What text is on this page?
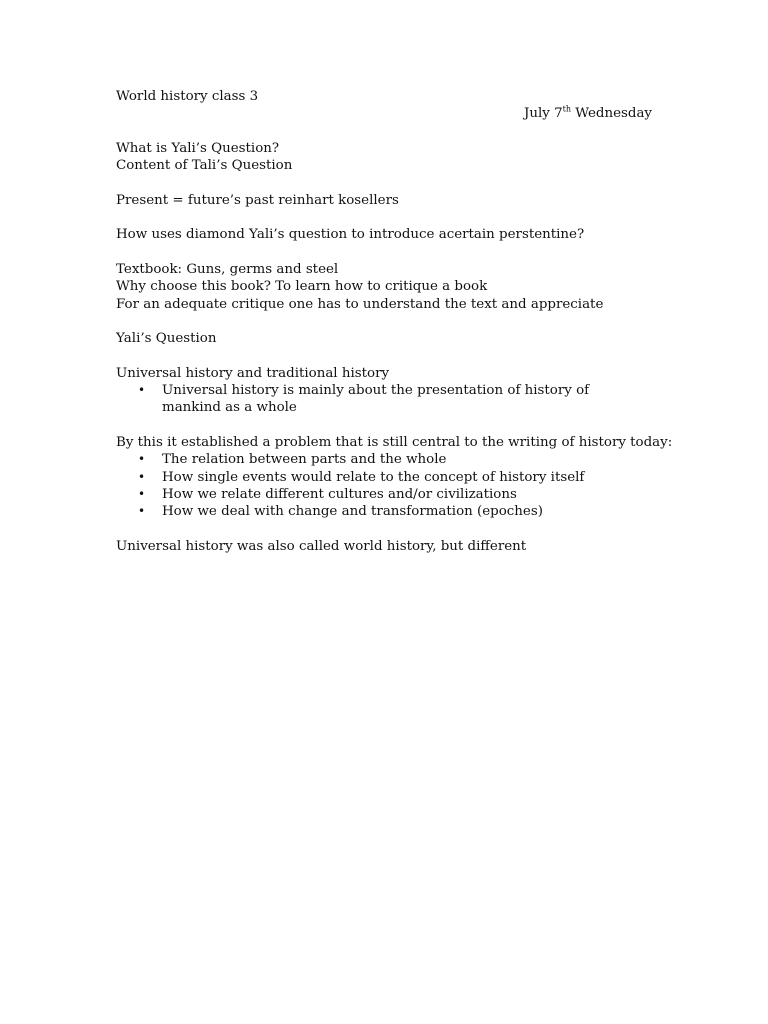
World history class 3
July 7th Wednesday
What is Yali’s Question?
Content of Tali’s Question
Present = future’s past reinhart kosellers
How uses diamond Yali’s question to introduce acertain perstentine?
Textbook: Guns, germs and steel
Why choose this book? To learn how to critique a book
For an adequate critique one has to understand the text and appreciate
Yali’s Question
Universal history and traditional history
• Universal history is mainly about the presentation of history of mankind as a whole
By this it established a problem that is still central to the writing of history today:
• The relation between parts and the whole
• How single events would relate to the concept of history itself
• How we relate different cultures and/or civilizations
• How we deal with change and transformation (epoches)
Universal history was also called world history, but different
